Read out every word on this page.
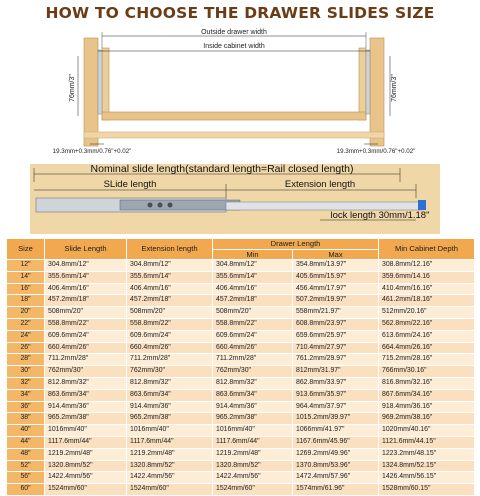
HOW TO CHOOSE THE DRAWER SLIDES SIZE
Outside drawer width
Inside cabinet width
76mm/3"	76mm/3"
19.3mm+0.3mm/0.76"+0.02"	19.3mm+0.3mm/0.76"+0.02"
Nominal slide length(standard length=Rail closed length)
SLide length	Extension length
lock length 30mm/1.18"
Size	Slide Length	Extension length	Drawer Length		Min Cabinet Depth
			Min	Max	
12"	304.8mm/12"	304.8mm/12"	304.8mm/12"	354.8mm/13.97"	308.8mm/12.16"
14"	355.6mm/14"	355.6mm/14"	355.6mm/14"	405.6mm/15.97"	359.6mm/14.16
16"	406.4mm/16"	406.4mm/16"	406.4mm/16"	456.4mm/17.97"	410.4mm/16.16"
18"	457.2mm/18"	457.2mm/18"	457.2mm/18"	507.2mm/19.97"	461.2mm/18.16"
20"	508mm/20"	508mm/20"	508mm/20"	558mm/21.97"	512mm/20.16"
22"	558.8mm/22"	558.8mm/22"	558.8mm/22"	608.8mm/23.97"	562.8mm/22.16"
24"	609.6mm/24"	609.6mm/24"	609.6mm/24"	659.6mm/25.97"	613.6mm/24.16"
26"	660.4mm/26"	660.4mm/26"	660.4mm/26"	710.4mm/27.97"	664.4mm/26.16"
28"	711.2mm/28"	711.2mm/28"	711.2mm/28"	761.2mm/29.97"	715.2mm/28.16"
30"	762mm/30"	762mm/30"	762mm/30"	812mm/31.97"	766mm/30.16"
32"	812.8mm/32"	812.8mm/32"	812.8mm/32"	862.8mm/33.97"	816.8mm/32.16"
34"	863.6mm/34"	863.6mm/34"	863.6mm/34"	913.6mm/35.97"	867.6mm/34.16"
36"	914.4mm/36"	914.4mm/36"	914.4mm/36"	964.4mm/37.97"	918.4mm/36.16"
38"	965.2mm/38"	965.2mm/38"	965.2mm/38"	1015.2mm/39.97"	969.2mm/38.16"
40"	1016mm/40"	1016mm/40"	1016mm/40"	1066mm/41.97"	1020mm/40.16"
44"	1117.6mm/44"	1117.6mm/44"	1117.6mm/44"	1167.6mm/45.96"	1121.6mm/44.15"
48"	1219.2mm/48"	1219.2mm/48"	1219.2mm/48"	1269.2mm/49.96"	1223.2mm/48.15"
52"	1320.8mm/52"	1320.8mm/52"	1320.8mm/52"	1370.8mm/53.96"	1324.8mm/52.15"
56"	1422.4mm/56"	1422.4mm/56"	1422.4mm/56"	1472.4mm/57.96"	1426.4mm/56.15"
60"	1524mm/60"	1524mm/60"	1524mm/60"	1574mm/61.96"	1528mm/60.15"
